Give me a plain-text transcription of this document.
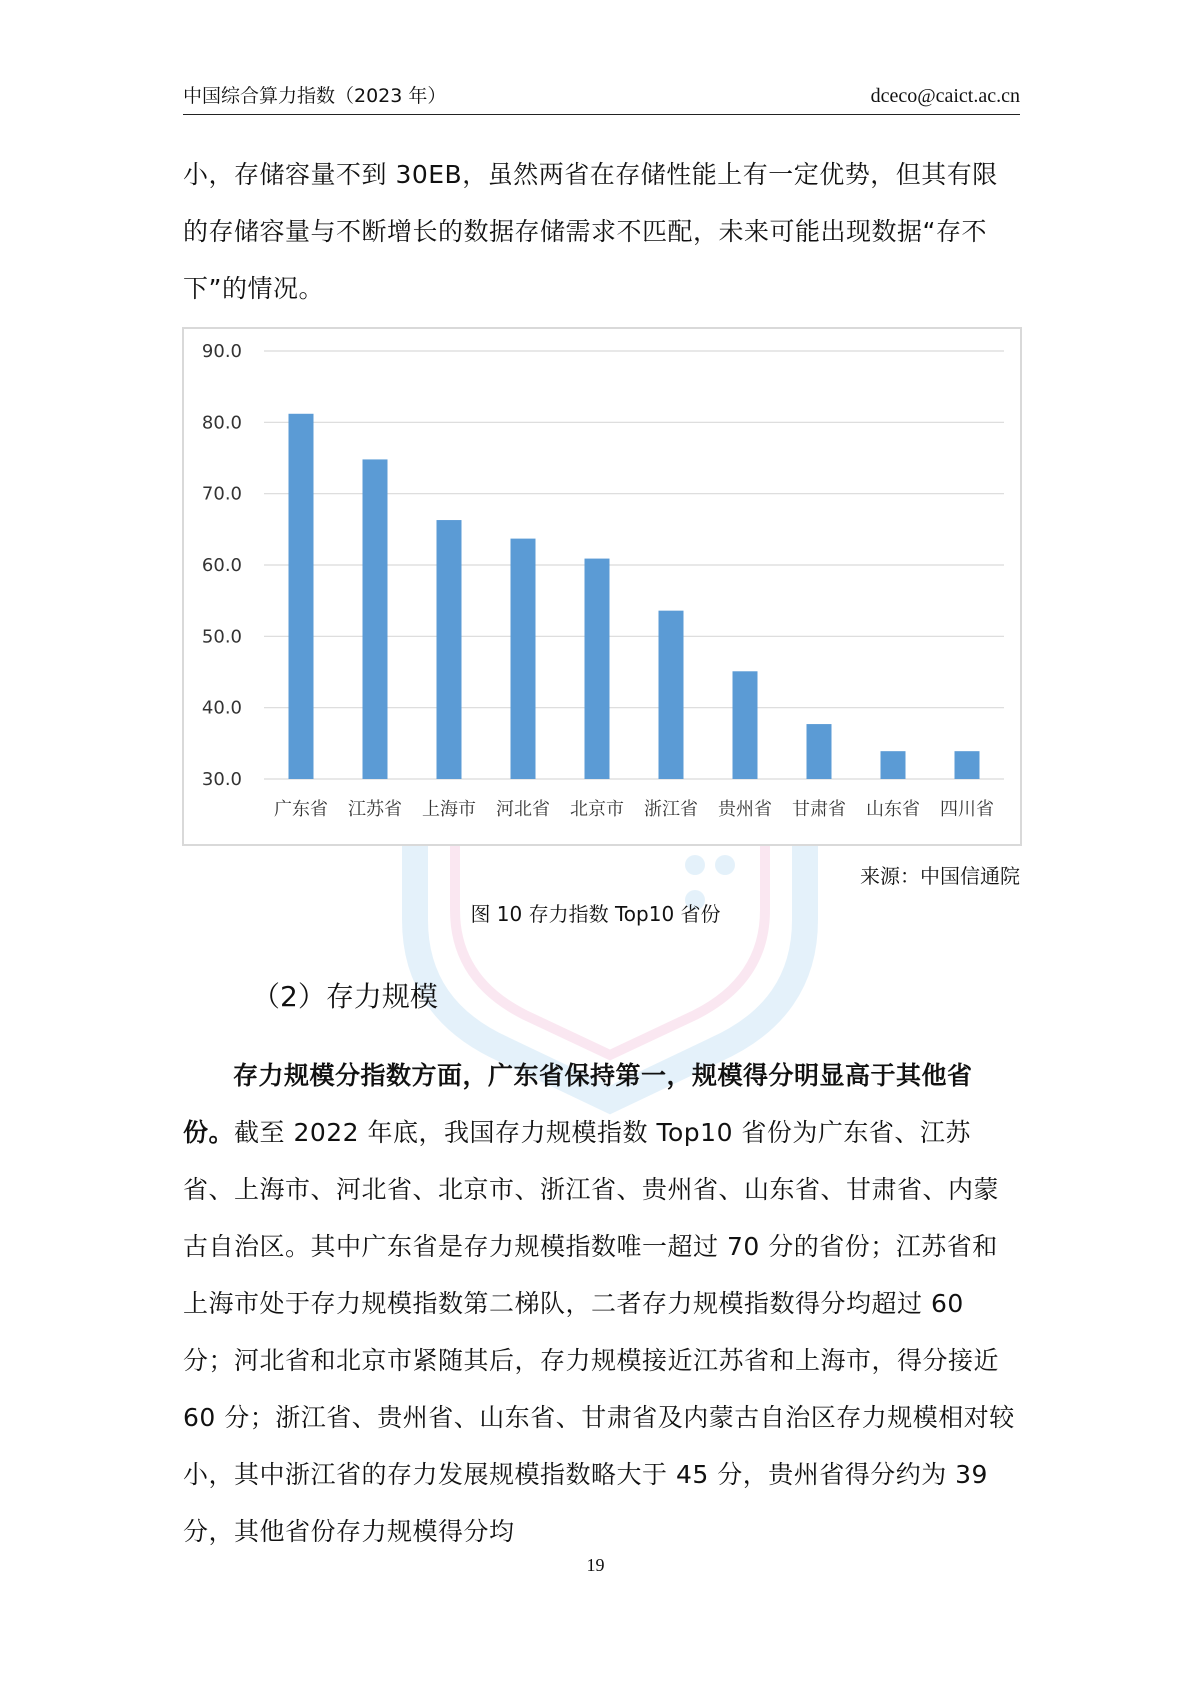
中国综合算力指数（2023 年）	dceco@caict.ac.cn
小，存储容量不到 30EB，虽然两省在存储性能上有一定优势，但其有限的存储容量与不断增长的数据存储需求不匹配，未来可能出现数据“存不下”的情况。
90.0
80.0
70.0
60.0
50.0
40.0
30.0
广东省 江苏省 上海市 河北省 北京市 浙江省 贵州省 甘肃省 山东省 四川省
来源：中国信通院
图 10 存力指数 Top10 省份
（2）存力规模
存力规模分指数方面，广东省保持第一，规模得分明显高于其他省份。截至 2022 年底，我国存力规模指数 Top10 省份为广东省、江苏省、上海市、河北省、北京市、浙江省、贵州省、山东省、甘肃省、内蒙古自治区。其中广东省是存力规模指数唯一超过 70 分的省份；江苏省和上海市处于存力规模指数第二梯队，二者存力规模指数得分均超过 60 分；河北省和北京市紧随其后，存力规模接近江苏省和上海市，得分接近 60 分；浙江省、贵州省、山东省、甘肃省及内蒙古自治区存力规模相对较小，其中浙江省的存力发展规模指数略大于 45 分，贵州省得分约为 39 分，其他省份存力规模得分均
19
